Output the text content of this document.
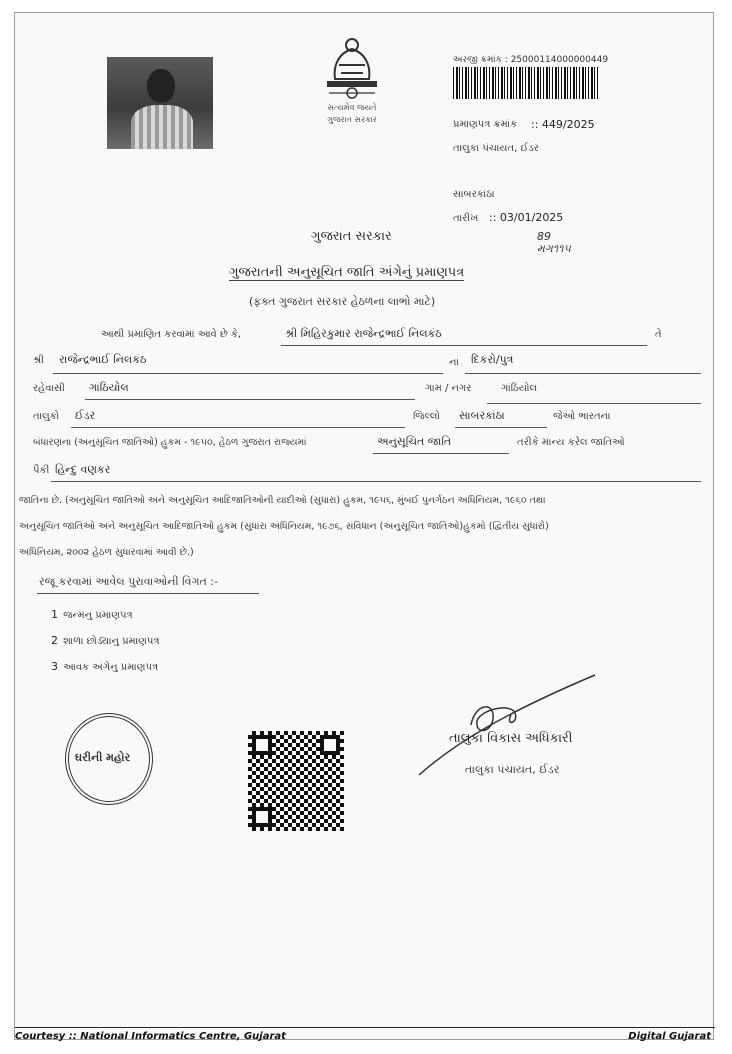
સત્યમેવ જયતે
ગુજરાત સરકાર
અરજી ક્રમાંક : 25000114000000449
પ્રમાણપત્ર ક્રમાંક :: 449/2025
તાલુકા પંચાયત, ઈડર
સાબરકાંઠા
તારીખ :: 03/01/2025
89
મગ૧૧૫
ગુજરાત સરકાર
ગુજરાતની અનુસૂચિત જાતિ અંગેનું પ્રમાણપત્ર
(ફક્ત ગુજરાત સરકાર હેઠળના લાભો માટે)
આથી પ્રમાણિત કરવામાં આવે છે કે,	શ્રી મિહિરકુમાર રાજેન્દ્રભાઈ નિલકંઠ	તે
શ્રી રાજેન્દ્રભાઈ નિલકંઠ	ના દિકરો/પુત્ર
રહેવાસી ગાંઠિયોલ	ગામ / નગર	ગાંઠિયોલ
તાલુકો ઈડર	જિલ્લો સાબરકાંઠા	જેઓ ભારતના
બંધારણના (અનુસૂચિત જાતિઓ) હુકમ - ૧૯૫૦, હેઠળ ગુજરાત રાજ્યમાં	અનુસૂચિત જાતિ	તરીકે માન્ય કરેલ જાતિઓ
પૈકી હિન્દુ વણકર
જાતિના છે. (અનુસૂચિત જાતિઓ અને અનુસૂચિત આદિજાતિઓની યાદીઓ (સુધારા) હુકમ, ૧૯૫૬, મુંબઈ પુનર્ગઠન અધિનિયમ, ૧૯૬૦ તથા
અનુસૂચિત જાતિઓ અને અનુસૂચિત આદિજાતિઓ હુકમ (સુધારા અધિનિયમ, ૧૯૭૬, સંવિધાન (અનુસૂચિત જાતિઓ)હુકમો (દ્વિતીય સુધારો)
અધિનિયમ, ૨૦૦૨ હેઠળ સુધારવામાં આવી છે.)
રજૂ કરવામાં આવેલ પુરાવાઓની વિગત :-
1 જન્મનુ પ્રમાણપત્ર
2 શાળા છોડ્યાનુ પ્રમાણપત્ર
3 આવક અંગેનુ પ્રમાણપત્ર
ઘરીની મહોર
તાલુકા વિકાસ અધિકારી
તાલુકા પંચાયત, ઈડર
Courtesy :: National Informatics Centre, Gujarat	Digital Gujarat
